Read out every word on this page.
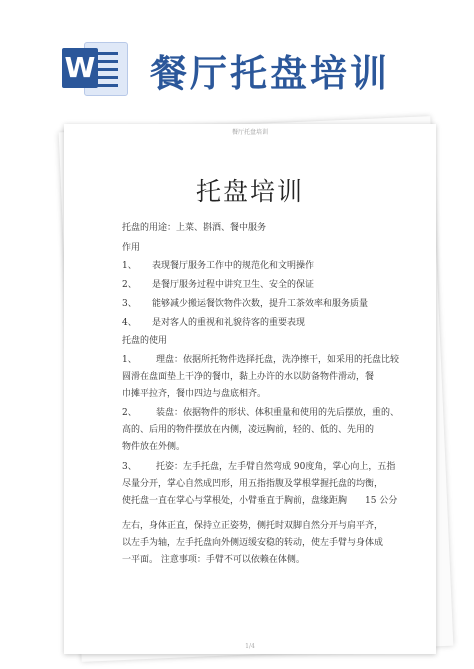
W 餐厅托盘培训
餐厅托盘培训
托盘培训
托盘的用途：上菜、斟酒、餐中服务
作用
1、 表现餐厅服务工作中的规范化和文明操作
2、 是餐厅服务过程中讲究卫生、安全的保证
3、 能够减少搬运餐饮物件次数，提升工茶效率和服务质量
4、 是对客人的重视和礼貌待客的重要表现
托盘的使用
1、 理盘：依据所托物件选择托盘，洗净擦干，如采用的托盘比较
圆滑在盘面垫上干净的餐巾，黏上办许的水以防备物件滑动，餐
巾摊平拉齐，餐巾四边与盘底相齐。
2、 装盘：依据物件的形状、体积重量和使用的先后摆放，重的、
高的、后用的物件摆放在内侧，凌远胸前，轻的、低的、先用的
物件放在外侧。
3、 托姿：左手托盘，左手臂自然弯成 90度角，掌心向上，五指
尽量分开，掌心自然成凹形，用五指指腹及掌根掌握托盘的均衡，
使托盘一直在掌心与掌根处，小臂垂直于胸前，盘缘距胸 15 公分
左右，身体正直，保持立正姿势，侧托时双脚自然分开与肩平齐，
以左手为轴，左手托盘向外侧迈缓安稳的转动，使左手臂与身体成
一平面。 注意事项：手臂不可以依赖在体侧。
1/4
